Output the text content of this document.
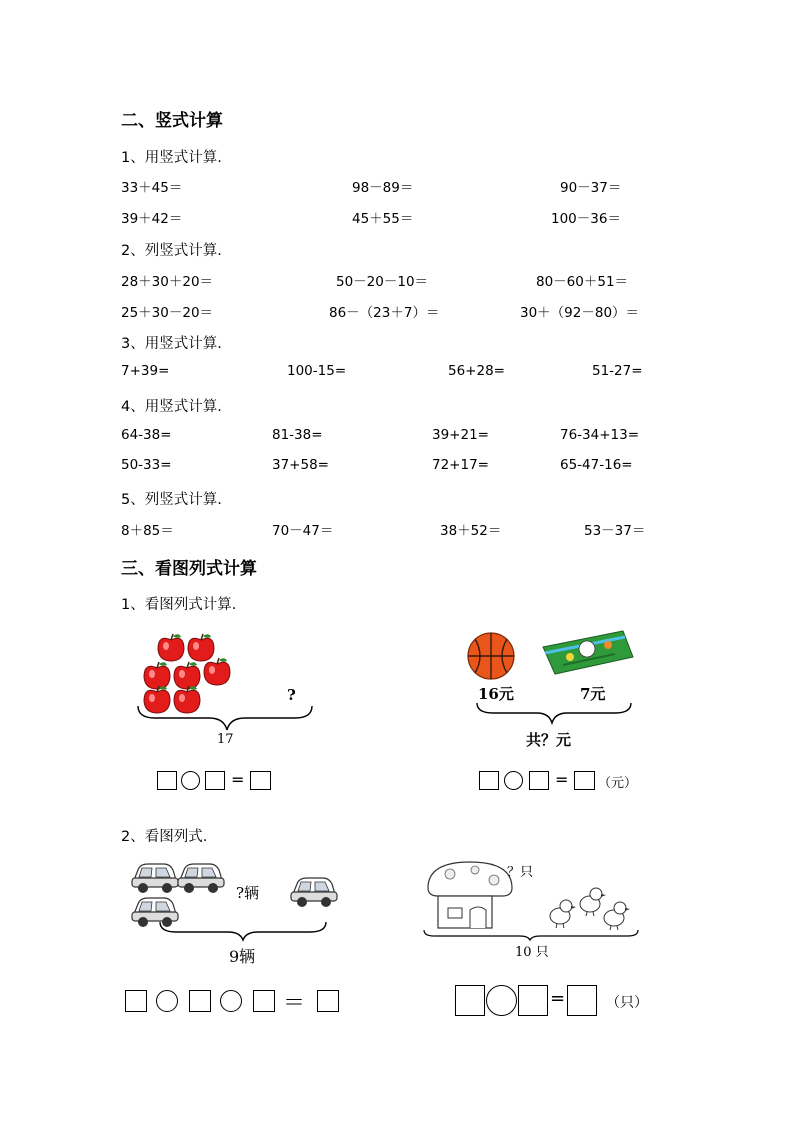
二、竖式计算
1、用竖式计算.
33＋45＝	98－89＝	90－37＝
39＋42＝	45＋55＝	100－36＝
2、列竖式计算.
28＋30＋20＝	50－20－10＝	80－60＋51＝
25＋30－20＝	86－（23＋7）＝	30＋（92－80）＝
3、用竖式计算.
7+39=	100-15=	56+28=	51-27=
4、用竖式计算.
64-38=	81-38=	39+21=	76-34+13=
50-33=	37+58=	72+17=	65-47-16=
5、列竖式计算.
8＋85＝	70－47＝	38＋52＝	53－37＝
三、看图列式计算
1、看图列式计算.
?
17
=
16元	7元
共？元
= （元）
2、看图列式.
?辆
9辆
＝
？只
10 只
=	（只）
